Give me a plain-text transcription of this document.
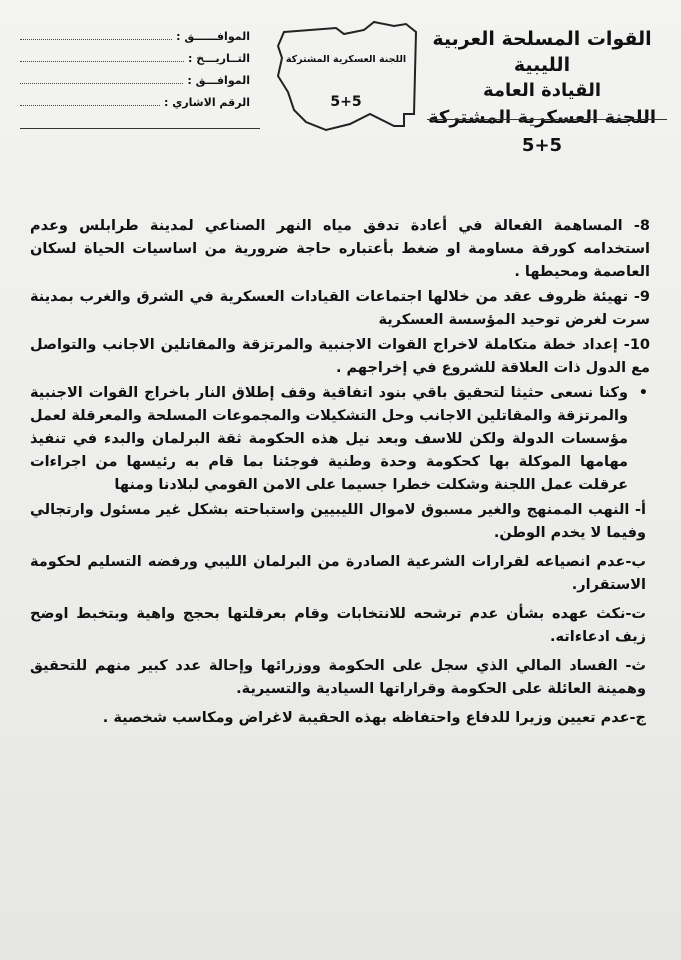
القوات المسلحة العربية الليبية
القيادة العامة
اللجنة العسكرية المشتركة 5+5
اللجنة العسكرية المشتركة
5+5
الموافــــــق :
التــاريـــخ :
الموافـــق :
الرقم الاشاري :

8- المساهمة الفعالة في أعادة تدفق مياه النهر الصناعي لمدينة طرابلس وعدم استخدامه كورقة مساومة او ضغط بأعتباره حاجة ضرورية من اساسيات الحياة لسكان العاصمة ومحيطها .

9- تهيئة ظروف عقد من خلالها اجتماعات القيادات العسكرية في الشرق والغرب بمدينة سرت لغرض توحيد المؤسسة العسكرية

10- إعداد خطة متكاملة لاخراج القوات الاجنبية والمرتزقة والمقاتلين الاجانب والتواصل مع الدول ذات العلاقة للشروع في إخراجهم .

•
وكنا نسعى حثيثا لتحقيق باقي بنود اتفاقية وقف إطلاق النار باخراج القوات الاجنبية والمرتزقة والمقاتلين الاجانب وحل التشكيلات والمجموعات المسلحة والمعرقلة لعمل مؤسسات الدولة ولكن للاسف وبعد نيل هذه الحكومة ثقة البرلمان والبدء في تنفيذ مهامها الموكلة بها كحكومة وحدة وطنية فوجئنا بما قام به رئيسها من اجراءات عرقلت عمل اللجنة وشكلت خطرا جسيما على الامن القومي لبلادنا ومنها

أ- النهب الممنهج والغير مسبوق لاموال الليبيين واستباحته بشكل غير مسئول وارتجالي وفيما لا يخدم الوطن.

ب-عدم انصياعه لقرارات الشرعية الصادرة من البرلمان الليبي ورفضه التسليم لحكومة الاستقرار.

ت-نكث عهده بشأن عدم ترشحه للانتخابات وقام بعرقلتها بحجج واهية وبتخبط اوضح زيف ادعاءاته.

ث- الفساد المالي الذي سجل على الحكومة ووزرائها وإحالة عدد كبير منهم للتحقيق وهمينة العائلة على الحكومة وقراراتها السيادية والتسيرية.

ج-عدم تعيين وزيرا للدفاع واحتفاظه بهذه الحقيبة لاغراض ومكاسب شخصية .
